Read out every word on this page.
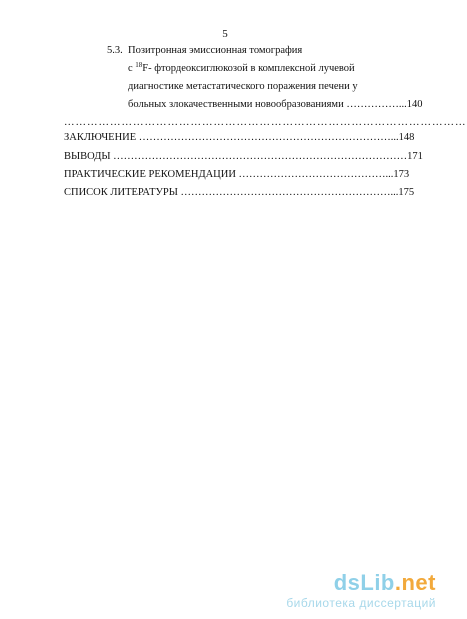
5
5.3. Позитронная эмиссионная томография
с $^{18}$F- фтордеоксиглюкозой в комплексной лучевой
диагностике метастатического поражения печени у
больных злокачественными новообразованиями ……………...140
……………………………………………………………………………………………
ЗАКЛЮЧЕНИЕ ………………………………………………………………...148
ВЫВОДЫ …………………………………………………………………………171
ПРАКТИЧЕСКИЕ РЕКОМЕНДАЦИИ ……………………………………...173
СПИСОК ЛИТЕРАТУРЫ ……………………………………………………...175
dsLib.net
библиотека диссертаций
